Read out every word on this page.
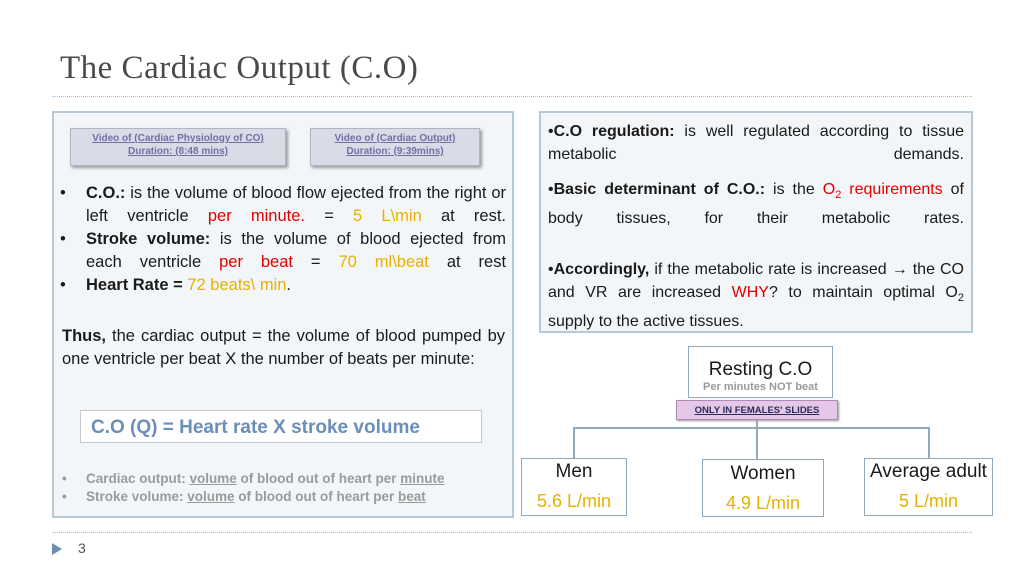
The Cardiac Output (C.O)
Video of (Cardiac Physiology of CO)
Duration: (8:48 mins)
Video of (Cardiac Output)
Duration: (9:39mins)
• C.O.: is the volume of blood flow ejected from the right or left ventricle per minute. = 5 L\min at rest.
• Stroke volume: is the volume of blood ejected from each ventricle per beat = 70 ml\beat at rest
• Heart Rate = 72 beats\ min.
Thus, the cardiac output = the volume of blood pumped by one ventricle per beat X the number of beats per minute:
C.O (Q) = Heart rate X stroke volume
• Cardiac output: volume of blood out of heart per minute
• Stroke volume: volume of blood out of heart per beat
•C.O regulation: is well regulated according to tissue metabolic demands.
•Basic determinant of C.O.: is the $O_2$ requirements of body tissues, for their metabolic rates.
•Accordingly, if the metabolic rate is increased → the CO and VR are increased WHY? to maintain optimal $O_2$ supply to the active tissues.
Resting C.O
Per minutes NOT beat
ONLY IN FEMALES' SLIDES
Men
5.6 L/min
Women
4.9 L/min
Average adult
5 L/min
3
